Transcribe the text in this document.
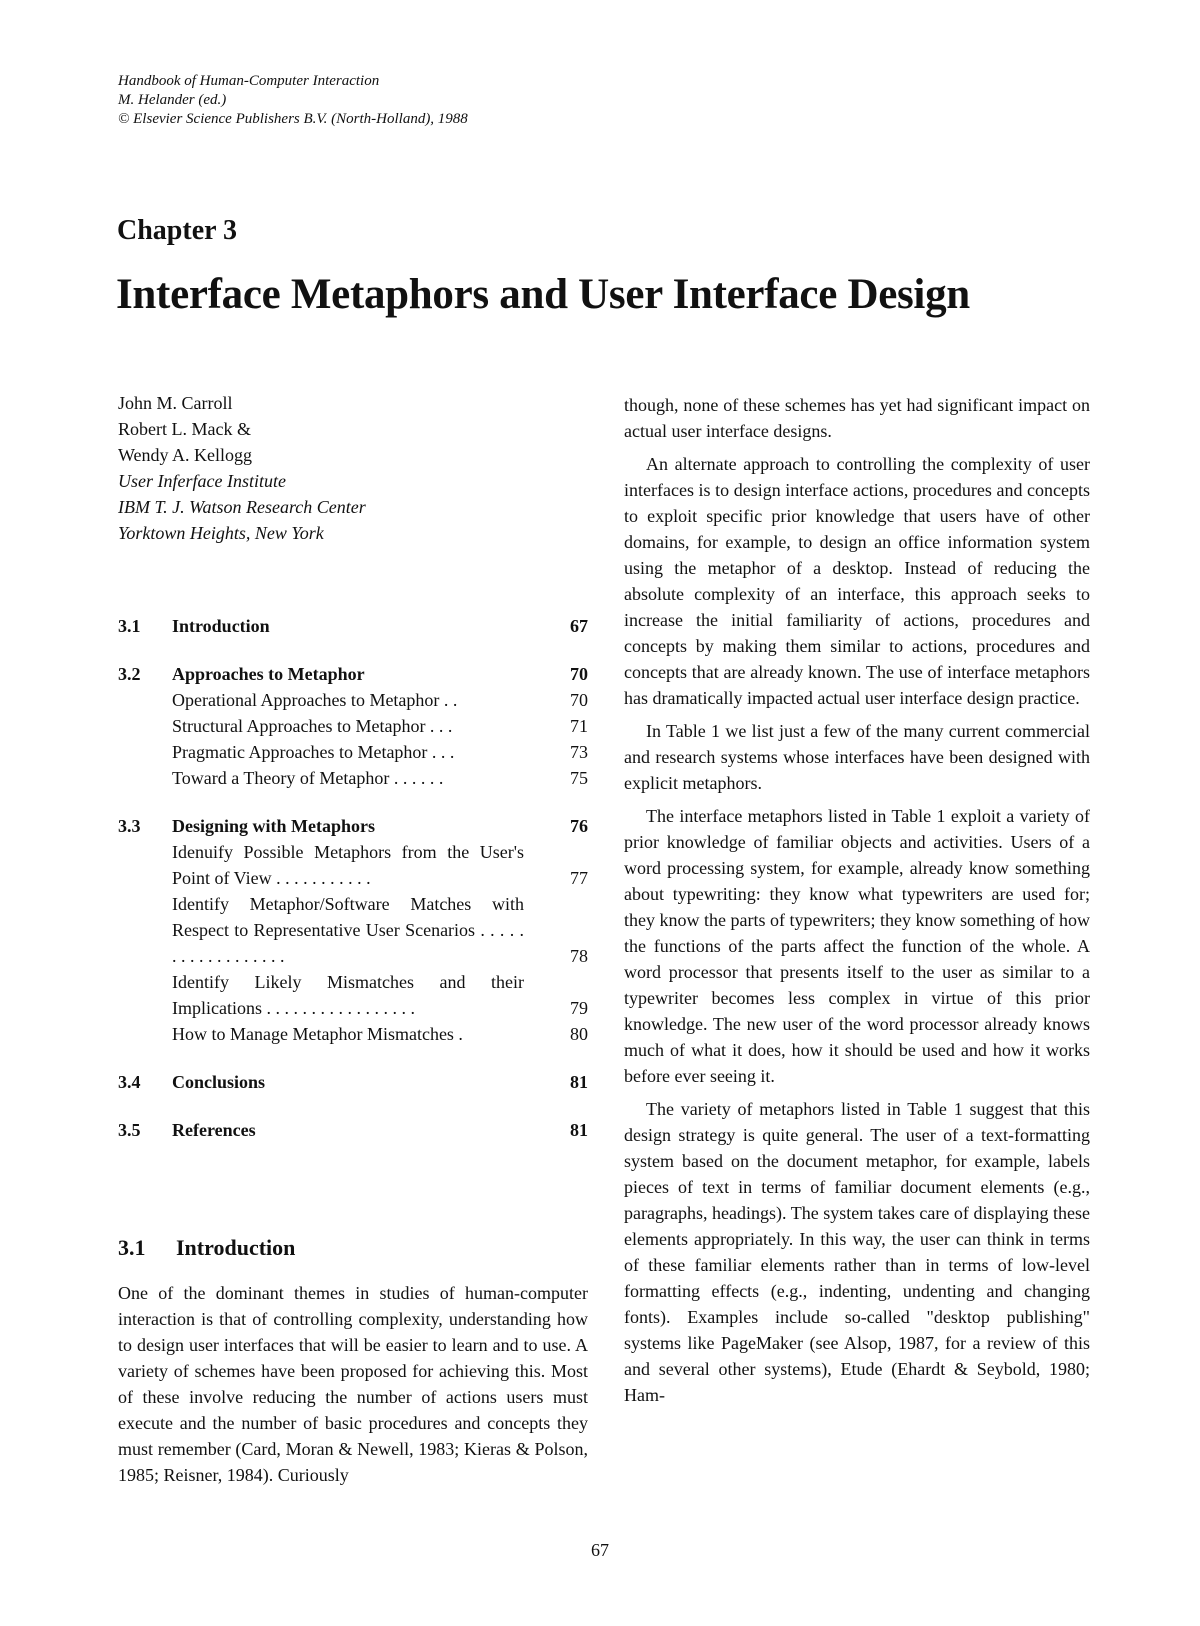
Handbook of Human-Computer Interaction
M. Helander (ed.)
© Elsevier Science Publishers B.V. (North-Holland), 1988
Chapter 3
Interface Metaphors and User Interface Design
John M. Carroll
Robert L. Mack &
Wendy A. Kellogg
User Inferface Institute
IBM T. J. Watson Research Center
Yorktown Heights, New York
3.1 Introduction	67
3.2 Approaches to Metaphor	70
Operational Approaches to Metaphor . .	70
Structural Approaches to Metaphor . . .	71
Pragmatic Approaches to Metaphor . . .	73
Toward a Theory of Metaphor . . . . . .	75
3.3 Designing with Metaphors	76
Idenuify Possible Metaphors from the User's Point of View . . . . . . . . . . .	77
Identify Metaphor/Software Matches with Respect to Representative User Scenarios . . . . . . . . . . . . . . . . . .	78
Identify Likely Mismatches and their Implications . . . . . . . . . . . . . . . . .	79
How to Manage Metaphor Mismatches .	80
3.4 Conclusions	81
3.5 References	81
3.1 Introduction
One of the dominant themes in studies of human-computer interaction is that of controlling complexity, understanding how to design user interfaces that will be easier to learn and to use. A variety of schemes have been proposed for achieving this. Most of these involve reducing the number of actions users must execute and the number of basic procedures and concepts they must remember (Card, Moran & Newell, 1983; Kieras & Polson, 1985; Reisner, 1984). Curiously

though, none of these schemes has yet had significant impact on actual user interface designs.

An alternate approach to controlling the complexity of user interfaces is to design interface actions, procedures and concepts to exploit specific prior knowledge that users have of other domains, for example, to design an office information system using the metaphor of a desktop. Instead of reducing the absolute complexity of an interface, this approach seeks to increase the initial familiarity of actions, procedures and concepts by making them similar to actions, procedures and concepts that are already known. The use of interface metaphors has dramatically impacted actual user interface design practice.

In Table 1 we list just a few of the many current commercial and research systems whose interfaces have been designed with explicit metaphors.

The interface metaphors listed in Table 1 exploit a variety of prior knowledge of familiar objects and activities. Users of a word processing system, for example, already know something about typewriting: they know what typewriters are used for; they know the parts of typewriters; they know something of how the functions of the parts affect the function of the whole. A word processor that presents itself to the user as similar to a typewriter becomes less complex in virtue of this prior knowledge. The new user of the word processor already knows much of what it does, how it should be used and how it works before ever seeing it.

The variety of metaphors listed in Table 1 suggest that this design strategy is quite general. The user of a text-formatting system based on the document metaphor, for example, labels pieces of text in terms of familiar document elements (e.g., paragraphs, headings). The system takes care of displaying these elements appropriately. In this way, the user can think in terms of these familiar elements rather than in terms of low-level formatting effects (e.g., indenting, undenting and changing fonts). Examples include so-called "desktop publishing" systems like PageMaker (see Alsop, 1987, for a review of this and several other systems), Etude (Ehardt & Seybold, 1980; Ham-

67
